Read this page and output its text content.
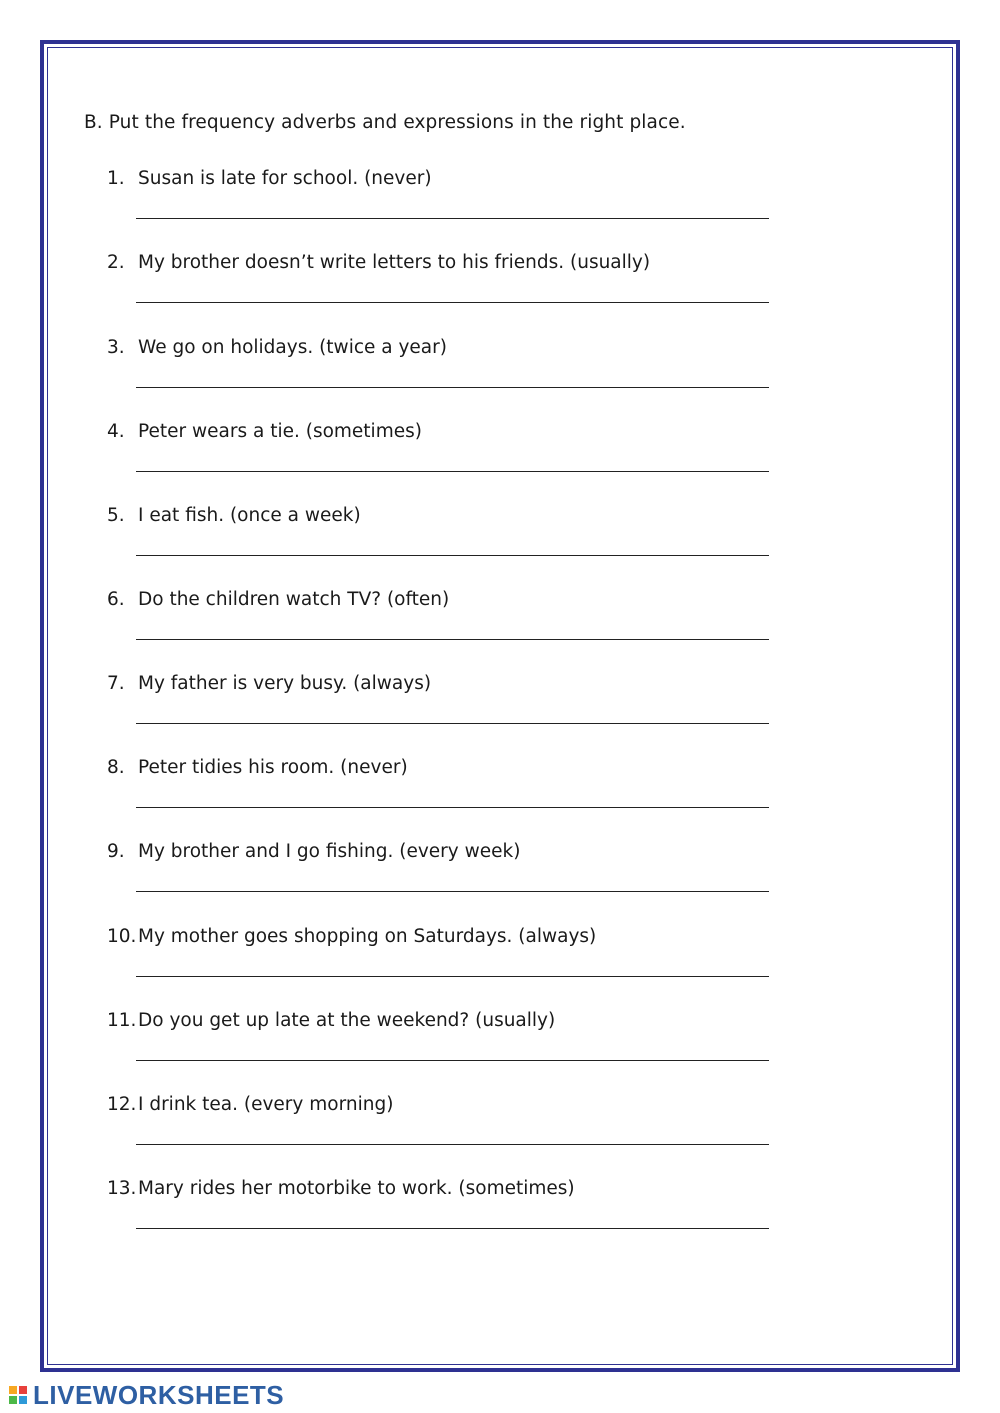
B. Put the frequency adverbs and expressions in the right place.
1. Susan is late for school. (never)
2. My brother doesn’t write letters to his friends. (usually)
3. We go on holidays. (twice a year)
4. Peter wears a tie. (sometimes)
5. I eat fish. (once a week)
6. Do the children watch TV? (often)
7. My father is very busy. (always)
8. Peter tidies his room. (never)
9. My brother and I go fishing. (every week)
10. My mother goes shopping on Saturdays. (always)
11. Do you get up late at the weekend? (usually)
12. I drink tea. (every morning)
13. Mary rides her motorbike to work. (sometimes)
LIVEWORKSHEETS
